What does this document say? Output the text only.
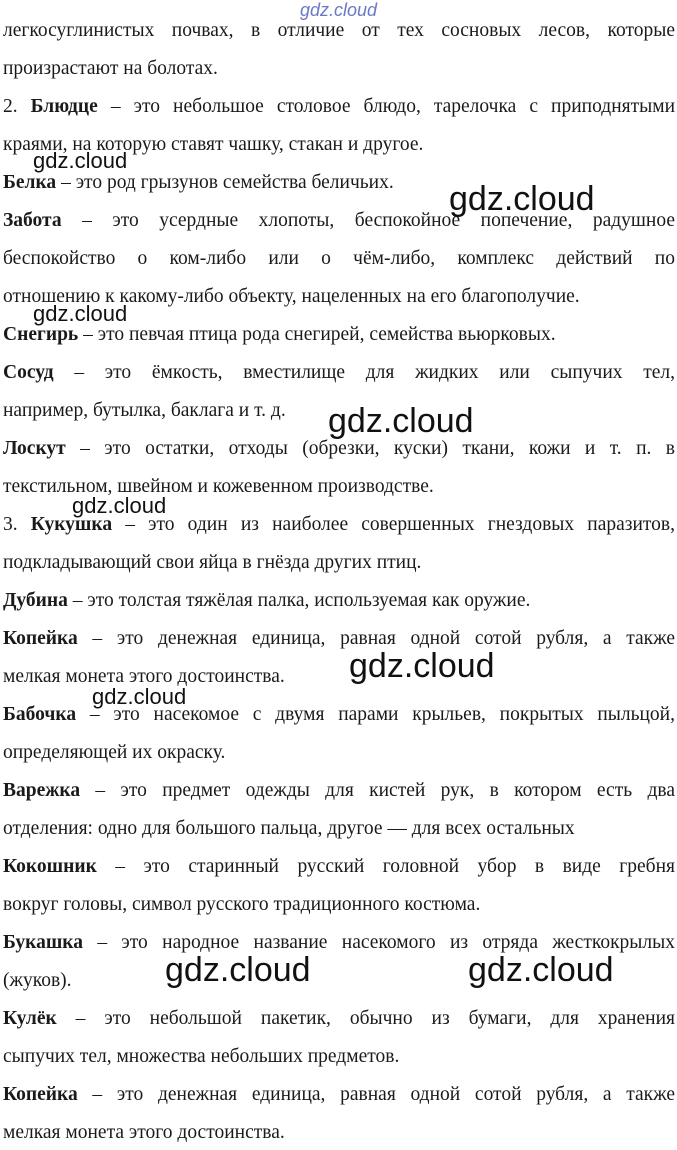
легкосуглинистых почвах, в отличие от тех сосновых лесов, которые
произрастают на болотах.
2. Блюдце – это небольшое столовое блюдо, тарелочка с приподнятыми
краями, на которую ставят чашку, стакан и другое.
Белка – это род грызунов семейства беличьих.
Забота – это усердные хлопоты, беспокойное попечение, радушное
беспокойство о ком-либо или о чём-либо, комплекс действий по
отношению к какому-либо объекту, нацеленных на его благополучие.
Снегирь – это певчая птица рода снегирей, семейства вьюрковых.
Сосуд – это ёмкость, вместилище для жидких или сыпучих тел,
например, бутылка, баклага и т. д.
Лоскут – это остатки, отходы (обрезки, куски) ткани, кожи и т. п. в
текстильном, швейном и кожевенном производстве.
3. Кукушка – это один из наиболее совершенных гнездовых паразитов,
подкладывающий свои яйца в гнёзда других птиц.
Дубина – это толстая тяжёлая палка, используемая как оружие.
Копейка – это денежная единица, равная одной сотой рубля, а также
мелкая монета этого достоинства.
Бабочка – это насекомое с двумя парами крыльев, покрытых пыльцой,
определяющей их окраску.
Варежка – это предмет одежды для кистей рук, в котором есть два
отделения: одно для большого пальца, другое — для всех остальных
Кокошник – это старинный русский головной убор в виде гребня
вокруг головы, символ русского традиционного костюма.
Букашка – это народное название насекомого из отряда жесткокрылых
(жуков).
Кулёк – это небольшой пакетик, обычно из бумаги, для хранения
сыпучих тел, множества небольших предметов.
Копейка – это денежная единица, равная одной сотой рубля, а также
мелкая монета этого достоинства.
gdz.cloud
gdz.cloud
gdz.cloud
gdz.cloud
gdz.cloud
gdz.cloud
gdz.cloud
gdz.cloud
gdz.cloud	gdz.cloud
